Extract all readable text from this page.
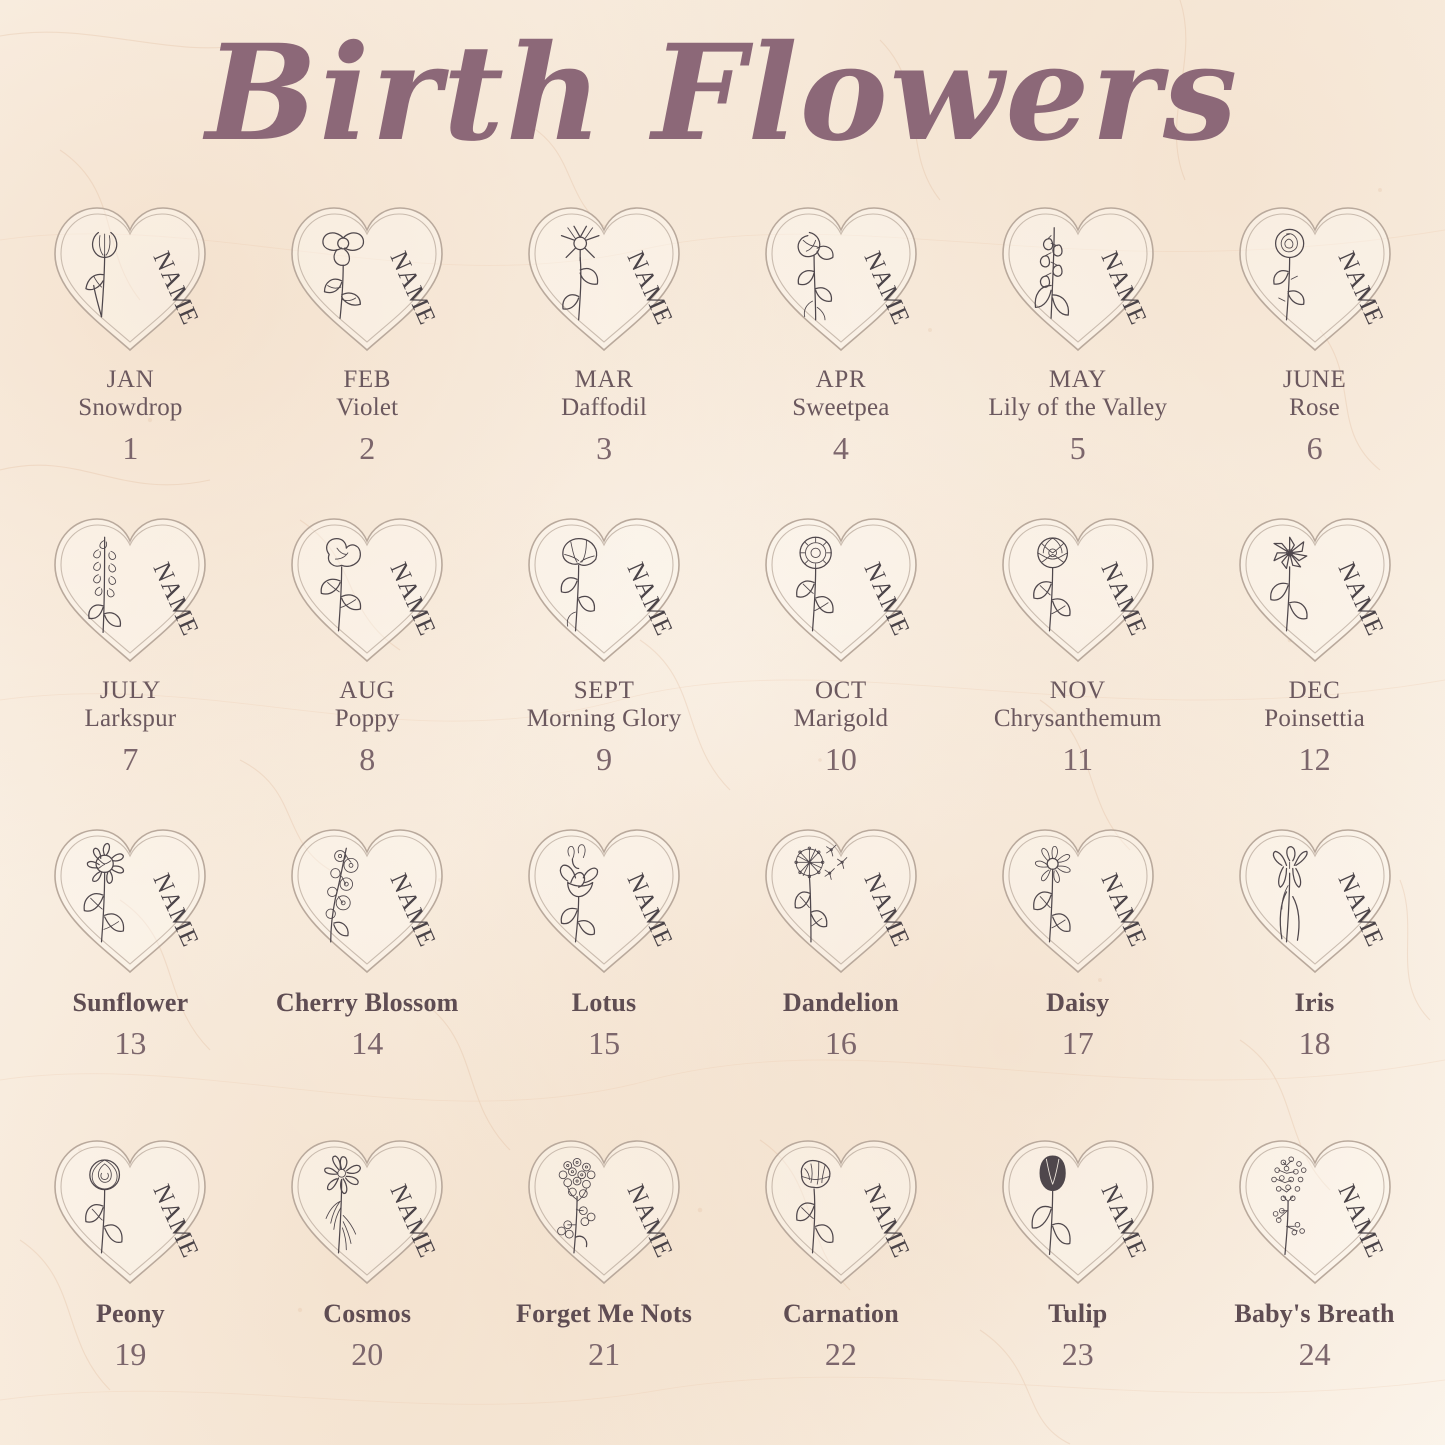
Birth Flowers
NAME
JAN
Snowdrop
1
NAME
FEB
Violet
2
NAME
MAR
Daffodil
3
NAME
APR
Sweetpea
4
NAME
MAY
Lily of the Valley
5
NAME
JUNE
Rose
6
NAME
JULY
Larkspur
7
NAME
AUG
Poppy
8
NAME
SEPT
Morning Glory
9
NAME
OCT
Marigold
10
NAME
NOV
Chrysanthemum
11
NAME
DEC
Poinsettia
12
NAME
Sunflower
13
NAME
Cherry Blossom
14
NAME
Lotus
15
NAME
Dandelion
16
NAME
Daisy
17
NAME
Iris
18
NAME
Peony
19
NAME
Cosmos
20
NAME
Forget Me Nots
21
NAME
Carnation
22
NAME
Tulip
23
NAME
Baby's Breath
24
